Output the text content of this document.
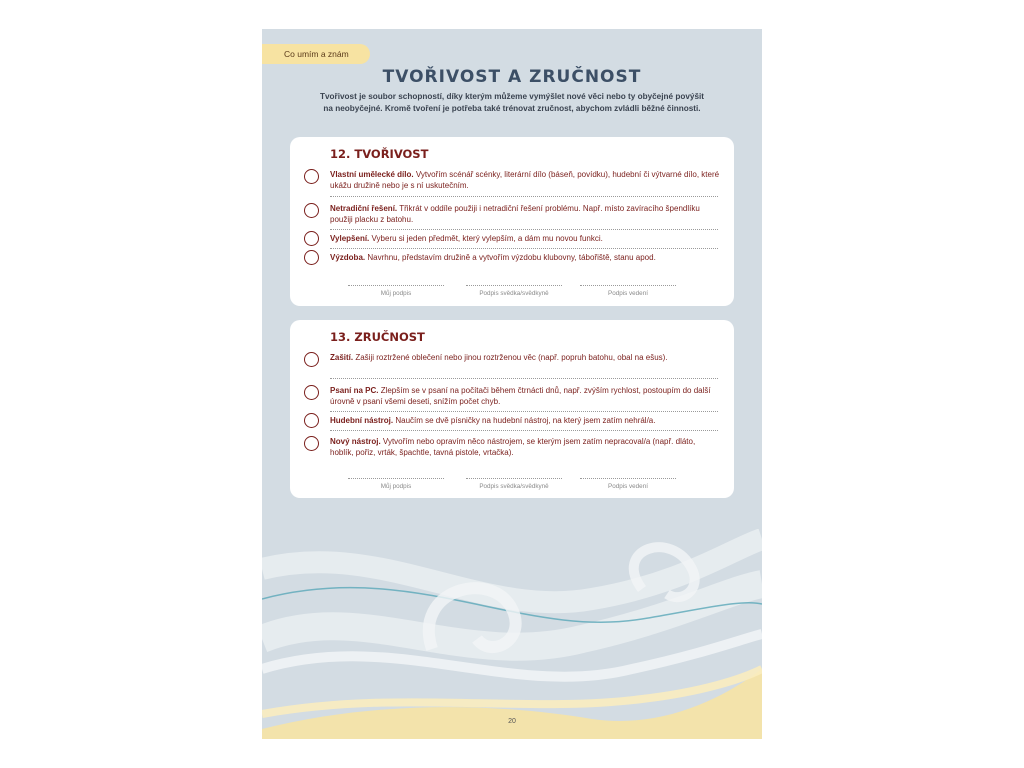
Co umím a znám
TVOŘIVOST A ZRUČNOST
Tvořivost je soubor schopností, díky kterým můžeme vymýšlet nové věci nebo ty obyčejné povýšit na neobyčejné. Kromě tvoření je potřeba také trénovat zručnost, abychom zvládli běžné činnosti.
12. TVOŘIVOST
Vlastní umělecké dílo. Vytvořím scénář scénky, literární dílo (báseň, povídku), hudební či výtvarné dílo, které ukážu družině nebo je s ní uskutečním.
Netradiční řešení. Třikrát v oddíle použiji i netradiční řešení problému. Např. místo zavíracího špendlíku použiji placku z batohu.
Vylepšení. Vyberu si jeden předmět, který vylepším, a dám mu novou funkci.
Výzdoba. Navrhnu, představím družině a vytvořím výzdobu klubovny, tábořiště, stanu apod.
Můj podpis	Podpis svědka/svědkyně	Podpis vedení
13. ZRUČNOST
Zašití. Zašiji roztržené oblečení nebo jinou roztrženou věc (např. popruh batohu, obal na ešus).
Psaní na PC. Zlepším se v psaní na počítači během čtrnácti dnů, např. zvýším rychlost, postoupím do další úrovně v psaní všemi deseti, snížím počet chyb.
Hudební nástroj. Naučím se dvě písničky na hudební nástroj, na který jsem zatím nehrál/a.
Nový nástroj. Vytvořím nebo opravím něco nástrojem, se kterým jsem zatím nepracoval/a (např. dláto, hoblík, pořiz, vrták, špachtle, tavná pistole, vrtačka).
Můj podpis	Podpis svědka/svědkyně	Podpis vedení
20
